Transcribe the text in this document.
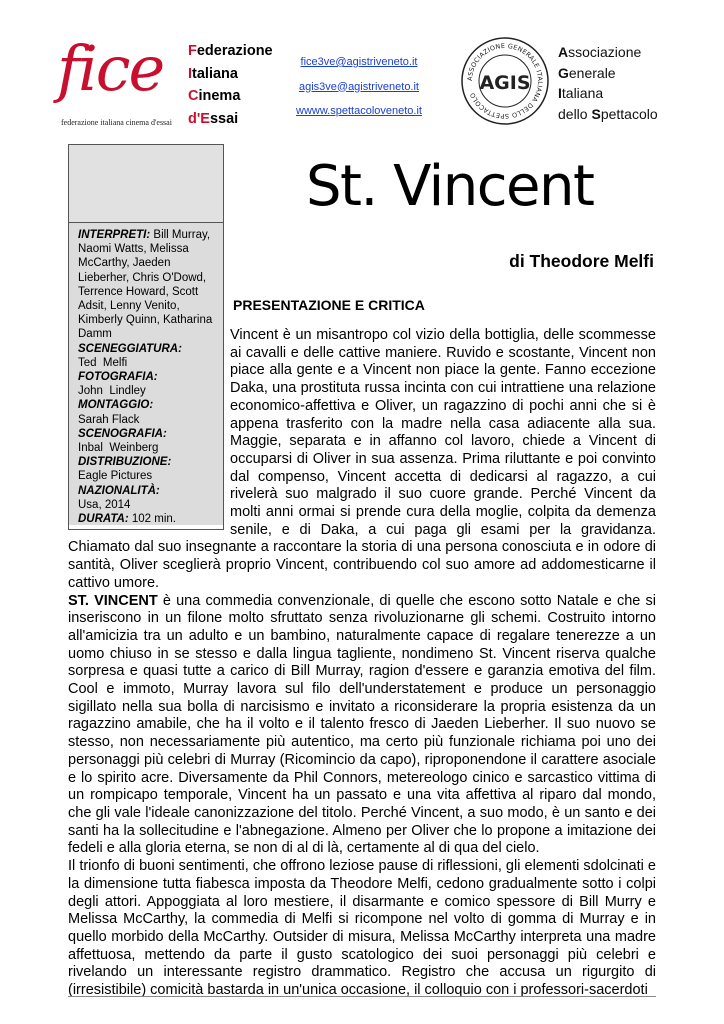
fice
federazione italiana cinema d'essai
Federazione
Italiana
Cinema
d'Essai
fice3ve@agistriveneto.it
agis3ve@agistriveneto.it
wwww.spettacoloveneto.it
ASSOCIAZIONE GENERALE ITALIANA DELLO SPETTACOLO
AGIS
Associazione
Generale
Italiana
dello Spettacolo

INTERPRETI: Bill Murray, Naomi Watts, Melissa McCarthy, Jaeden Lieberher, Chris O'Dowd, Terrence Howard, Scott Adsit, Lenny Venito, Kimberly Quinn, Katharina Damm

SCENEGGIATURA:

Ted  Melfi

FOTOGRAFIA:

John  Lindley

MONTAGGIO:

Sarah Flack

SCENOGRAFIA:

Inbal  Weinberg

DISTRIBUZIONE:

Eagle Pictures

NAZIONALITÀ:

Usa, 2014

DURATA: 102 min.

St. Vincent
di Theodore Melfi
PRESENTAZIONE E CRITICA

Vincent è un misantropo col vizio della bottiglia, delle scommesse ai cavalli e delle cattive maniere. Ruvido e scostante, Vincent non piace alla gente e a Vincent non piace la gente. Fanno eccezione Daka, una prostituta russa incinta con cui intrattiene una relazione economico-affettiva e Oliver, un ragazzino di pochi anni che si è appena trasferito con la madre nella casa adiacente alla sua. Maggie, separata e in affanno col lavoro, chiede a Vincent di occuparsi di Oliver in sua assenza. Prima riluttante e poi convinto dal compenso, Vincent accetta di dedicarsi al ragazzo, a cui rivelerà suo malgrado il suo cuore grande. Perché Vincent da molti anni ormai si prende cura della moglie, colpita da demenza senile, e di Daka, a cui paga gli esami per la gravidanza. Chiamato dal suo insegnante a raccontare la storia di una persona conosciuta e in odore di santità, Oliver sceglierà proprio Vincent, contribuendo col suo amore ad addomesticarne il cattivo umore.

ST. VINCENT è una commedia convenzionale, di quelle che escono sotto Natale e che si inseriscono in un filone molto sfruttato senza rivoluzionarne gli schemi. Costruito intorno all'amicizia tra un adulto e un bambino, naturalmente capace di regalare tenerezze a un uomo chiuso in se stesso e dalla lingua tagliente, nondimeno St. Vincent riserva qualche sorpresa e quasi tutte a carico di Bill Murray, ragion d'essere e garanzia emotiva del film. Cool e immoto, Murray lavora sul filo dell'understatement e produce un personaggio sigillato nella sua bolla di narcisismo e invitato a riconsiderare la propria esistenza da un ragazzino amabile, che ha il volto e il talento fresco di Jaeden Lieberher. Il suo nuovo se stesso, non necessariamente più autentico, ma certo più funzionale richiama poi uno dei personaggi più celebri di Murray (Ricomincio da capo), riproponendone il carattere asociale e lo spirito acre. Diversamente da Phil Connors, metereologo cinico e sarcastico vittima di un rompicapo temporale, Vincent ha un passato e una vita affettiva al riparo dal mondo, che gli vale l'ideale canonizzazione del titolo. Perché Vincent, a suo modo, è un santo e dei santi ha la sollecitudine e l'abnegazione. Almeno per Oliver che lo propone a imitazione dei fedeli e alla gloria eterna, se non di al di là, certamente al di qua del cielo.

Il trionfo di buoni sentimenti, che offrono leziose pause di riflessioni, gli elementi sdolcinati e la dimensione tutta fiabesca imposta da Theodore Melfi, cedono gradualmente sotto i colpi degli attori. Appoggiata al loro mestiere, il disarmante e comico spessore di Bill Murry e Melissa McCarthy, la commedia di Melfi si ricompone nel volto di gomma di Murray e in quello morbido della McCarthy. Outsider di misura, Melissa McCarthy interpreta una madre affettuosa, mettendo da parte il gusto scatologico dei suoi personaggi più celebri e rivelando un interessante registro drammatico. Registro che accusa un rigurgito di (irresistibile) comicità bastarda in un'unica occasione, il colloquio con i professori-sacerdoti
